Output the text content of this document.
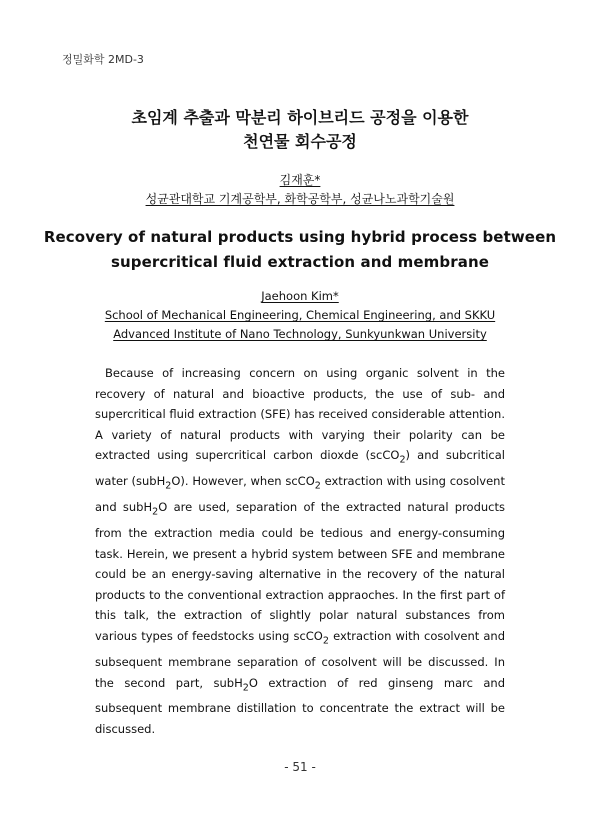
정밀화학 2MD-3
초임계 추출과 막분리 하이브리드 공정을 이용한
천연물 회수공정
김재훈*
성균관대학교 기계공학부, 화학공학부, 성균나노과학기술원
Recovery of natural products using hybrid process between
supercritical fluid extraction and membrane
Jaehoon Kim*
School of Mechanical Engineering, Chemical Engineering, and SKKU
Advanced Institute of Nano Technology, Sunkyunkwan University
Because of increasing concern on using organic solvent in the recovery of natural and bioactive products, the use of sub- and supercritical fluid extraction (SFE) has received considerable attention. A variety of natural products with varying their polarity can be extracted using supercritical carbon dioxde (scCO$_2$) and subcritical water (subH$_2$O). However, when scCO$_2$ extraction with using cosolvent and subH$_2$O are used, separation of the extracted natural products from the extraction media could be tedious and energy-consuming task. Herein, we present a hybrid system between SFE and membrane could be an energy-saving alternative in the recovery of the natural products to the conventional extraction appraoches. In the first part of this talk, the extraction of slightly polar natural substances from various types of feedstocks using scCO$_2$ extraction with cosolvent and subsequent membrane separation of cosolvent will be discussed. In the second part, subH$_2$O extraction of red ginseng marc and subsequent membrane distillation to concentrate the extract will be discussed.
- 51 -
